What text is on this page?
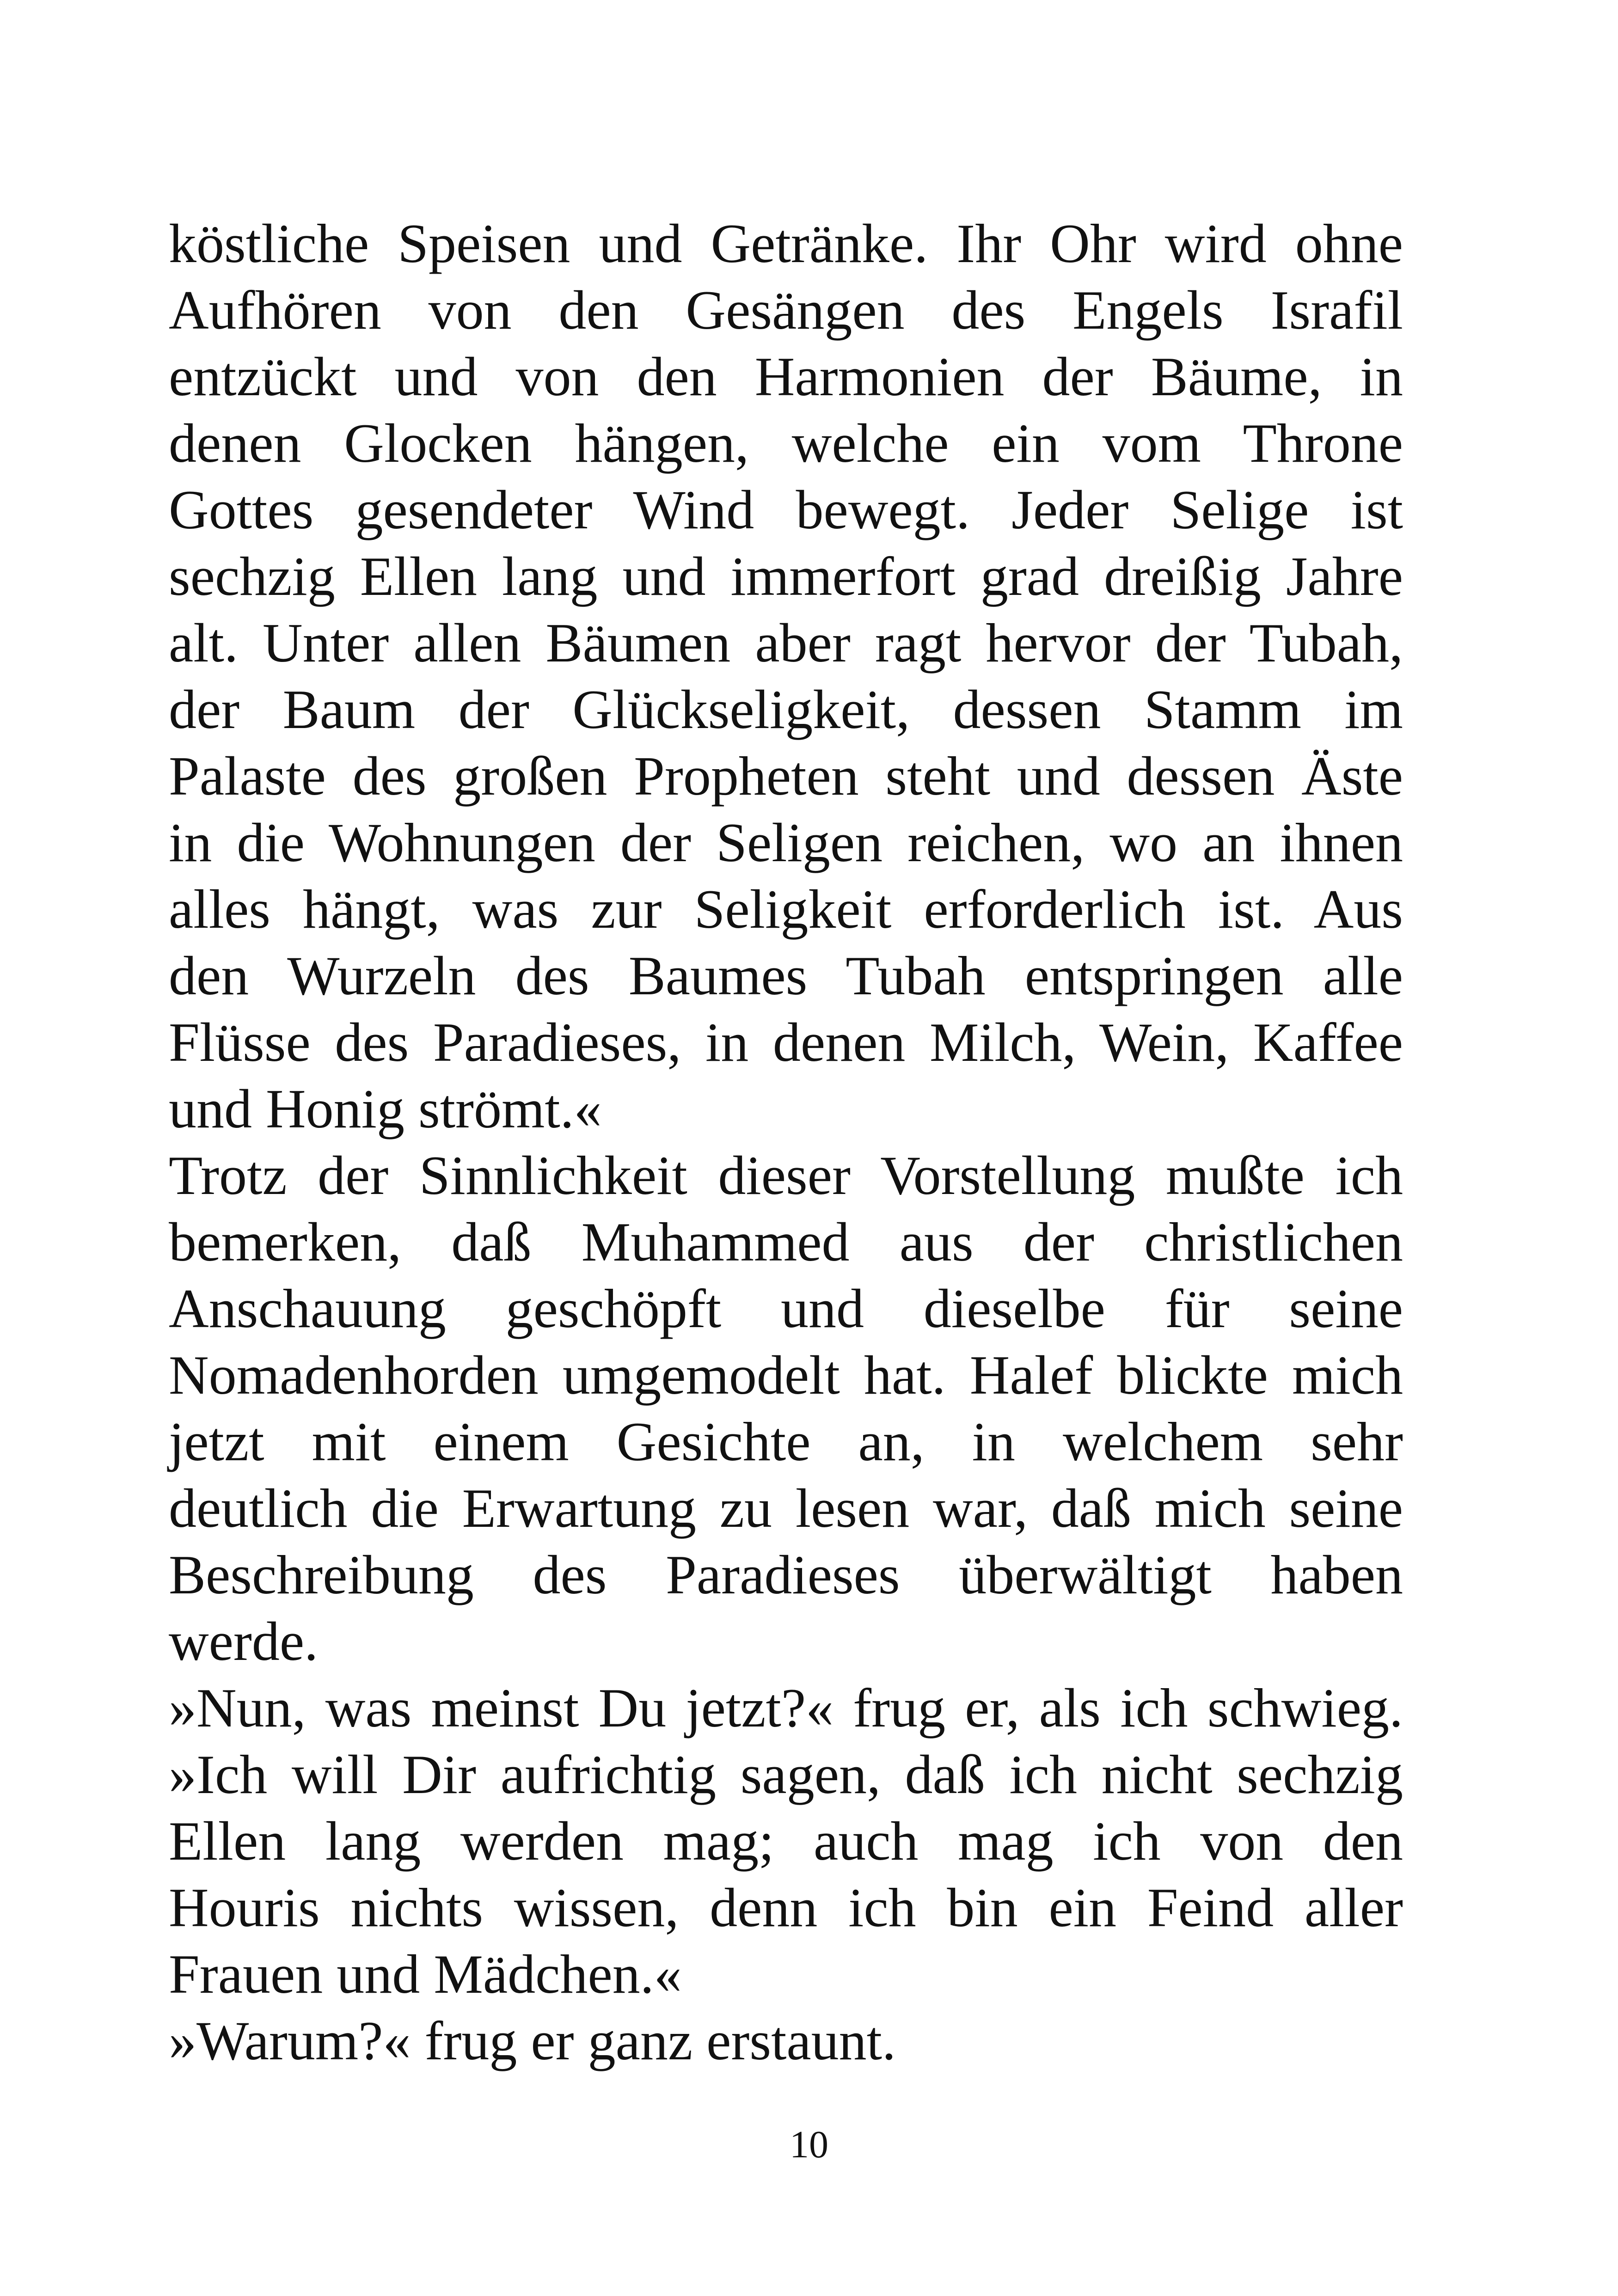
köstliche Speisen und Getränke. Ihr Ohr wird ohne
Aufhören von den Gesängen des Engels Israfil
entzückt und von den Harmonien der Bäume, in
denen Glocken hängen, welche ein vom Throne
Gottes gesendeter Wind bewegt. Jeder Selige ist
sechzig Ellen lang und immerfort grad dreißig Jahre
alt. Unter allen Bäumen aber ragt hervor der Tubah,
der Baum der Glückseligkeit, dessen Stamm im
Palaste des großen Propheten steht und dessen Äste
in die Wohnungen der Seligen reichen, wo an ihnen
alles hängt, was zur Seligkeit erforderlich ist. Aus
den Wurzeln des Baumes Tubah entspringen alle
Flüsse des Paradieses, in denen Milch, Wein, Kaffee
und Honig strömt.«
Trotz der Sinnlichkeit dieser Vorstellung mußte ich
bemerken, daß Muhammed aus der christlichen
Anschauung geschöpft und dieselbe für seine
Nomadenhorden umgemodelt hat. Halef blickte mich
jetzt mit einem Gesichte an, in welchem sehr
deutlich die Erwartung zu lesen war, daß mich seine
Beschreibung des Paradieses überwältigt haben
werde.
»Nun, was meinst Du jetzt?« frug er, als ich schwieg.
»Ich will Dir aufrichtig sagen, daß ich nicht sechzig
Ellen lang werden mag; auch mag ich von den
Houris nichts wissen, denn ich bin ein Feind aller
Frauen und Mädchen.«
»Warum?« frug er ganz erstaunt.
10
